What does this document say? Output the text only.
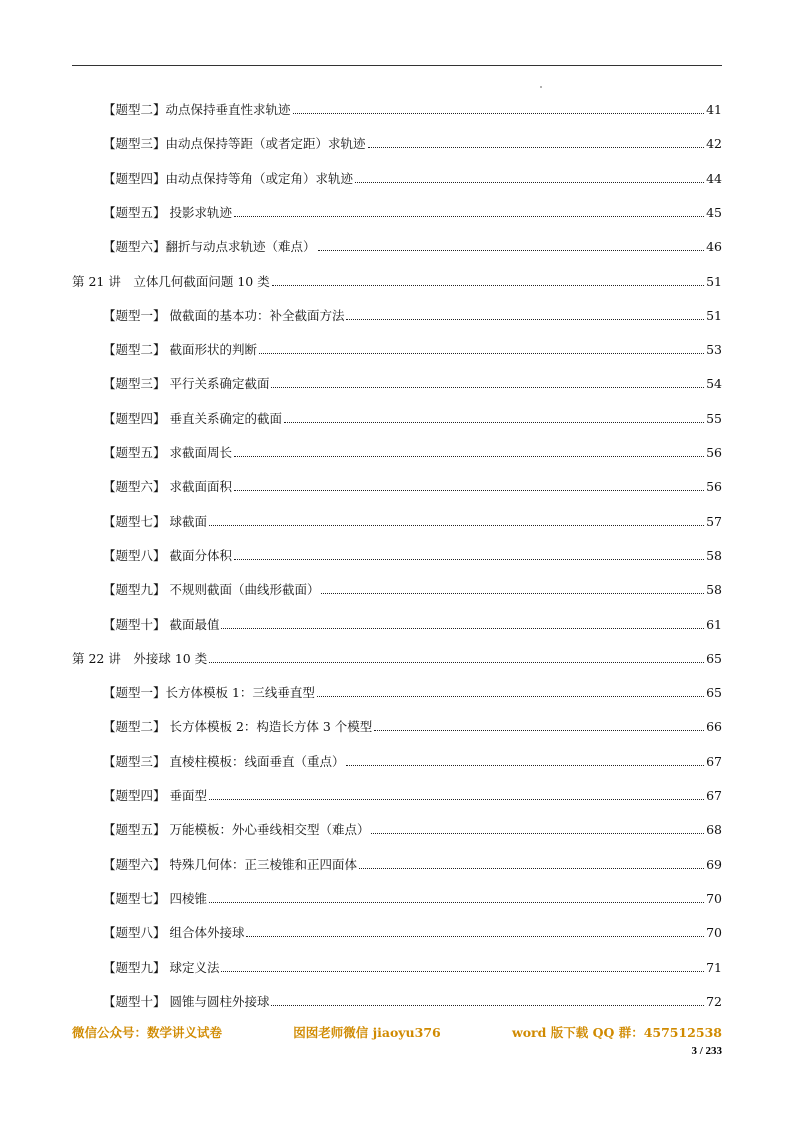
【题型二】动点保持垂直性求轨迹	41
【题型三】由动点保持等距（或者定距）求轨迹	42
【题型四】由动点保持等角（或定角）求轨迹	44
【题型五】 投影求轨迹	45
【题型六】翻折与动点求轨迹（难点）	46
第 21 讲　立体几何截面问题 10 类	51
【题型一】 做截面的基本功：补全截面方法	51
【题型二】 截面形状的判断	53
【题型三】 平行关系确定截面	54
【题型四】 垂直关系确定的截面	55
【题型五】 求截面周长	56
【题型六】 求截面面积	56
【题型七】 球截面	57
【题型八】 截面分体积	58
【题型九】 不规则截面（曲线形截面）	58
【题型十】 截面最值	61
第 22 讲　外接球 10 类	65
【题型一】长方体模板 1：三线垂直型	65
【题型二】 长方体模板 2：构造长方体 3 个模型	66
【题型三】 直棱柱模板：线面垂直（重点）	67
【题型四】 垂面型	67
【题型五】 万能模板：外心垂线相交型（难点）	68
【题型六】 特殊几何体：正三棱锥和正四面体	69
【题型七】 四棱锥	70
【题型八】 组合体外接球	70
【题型九】 球定义法	71
【题型十】 圆锥与圆柱外接球	72
微信公众号：数学讲义试卷	囡囡老师微信 jiaoyu376	word 版下载 QQ 群：457512538
3 / 233
